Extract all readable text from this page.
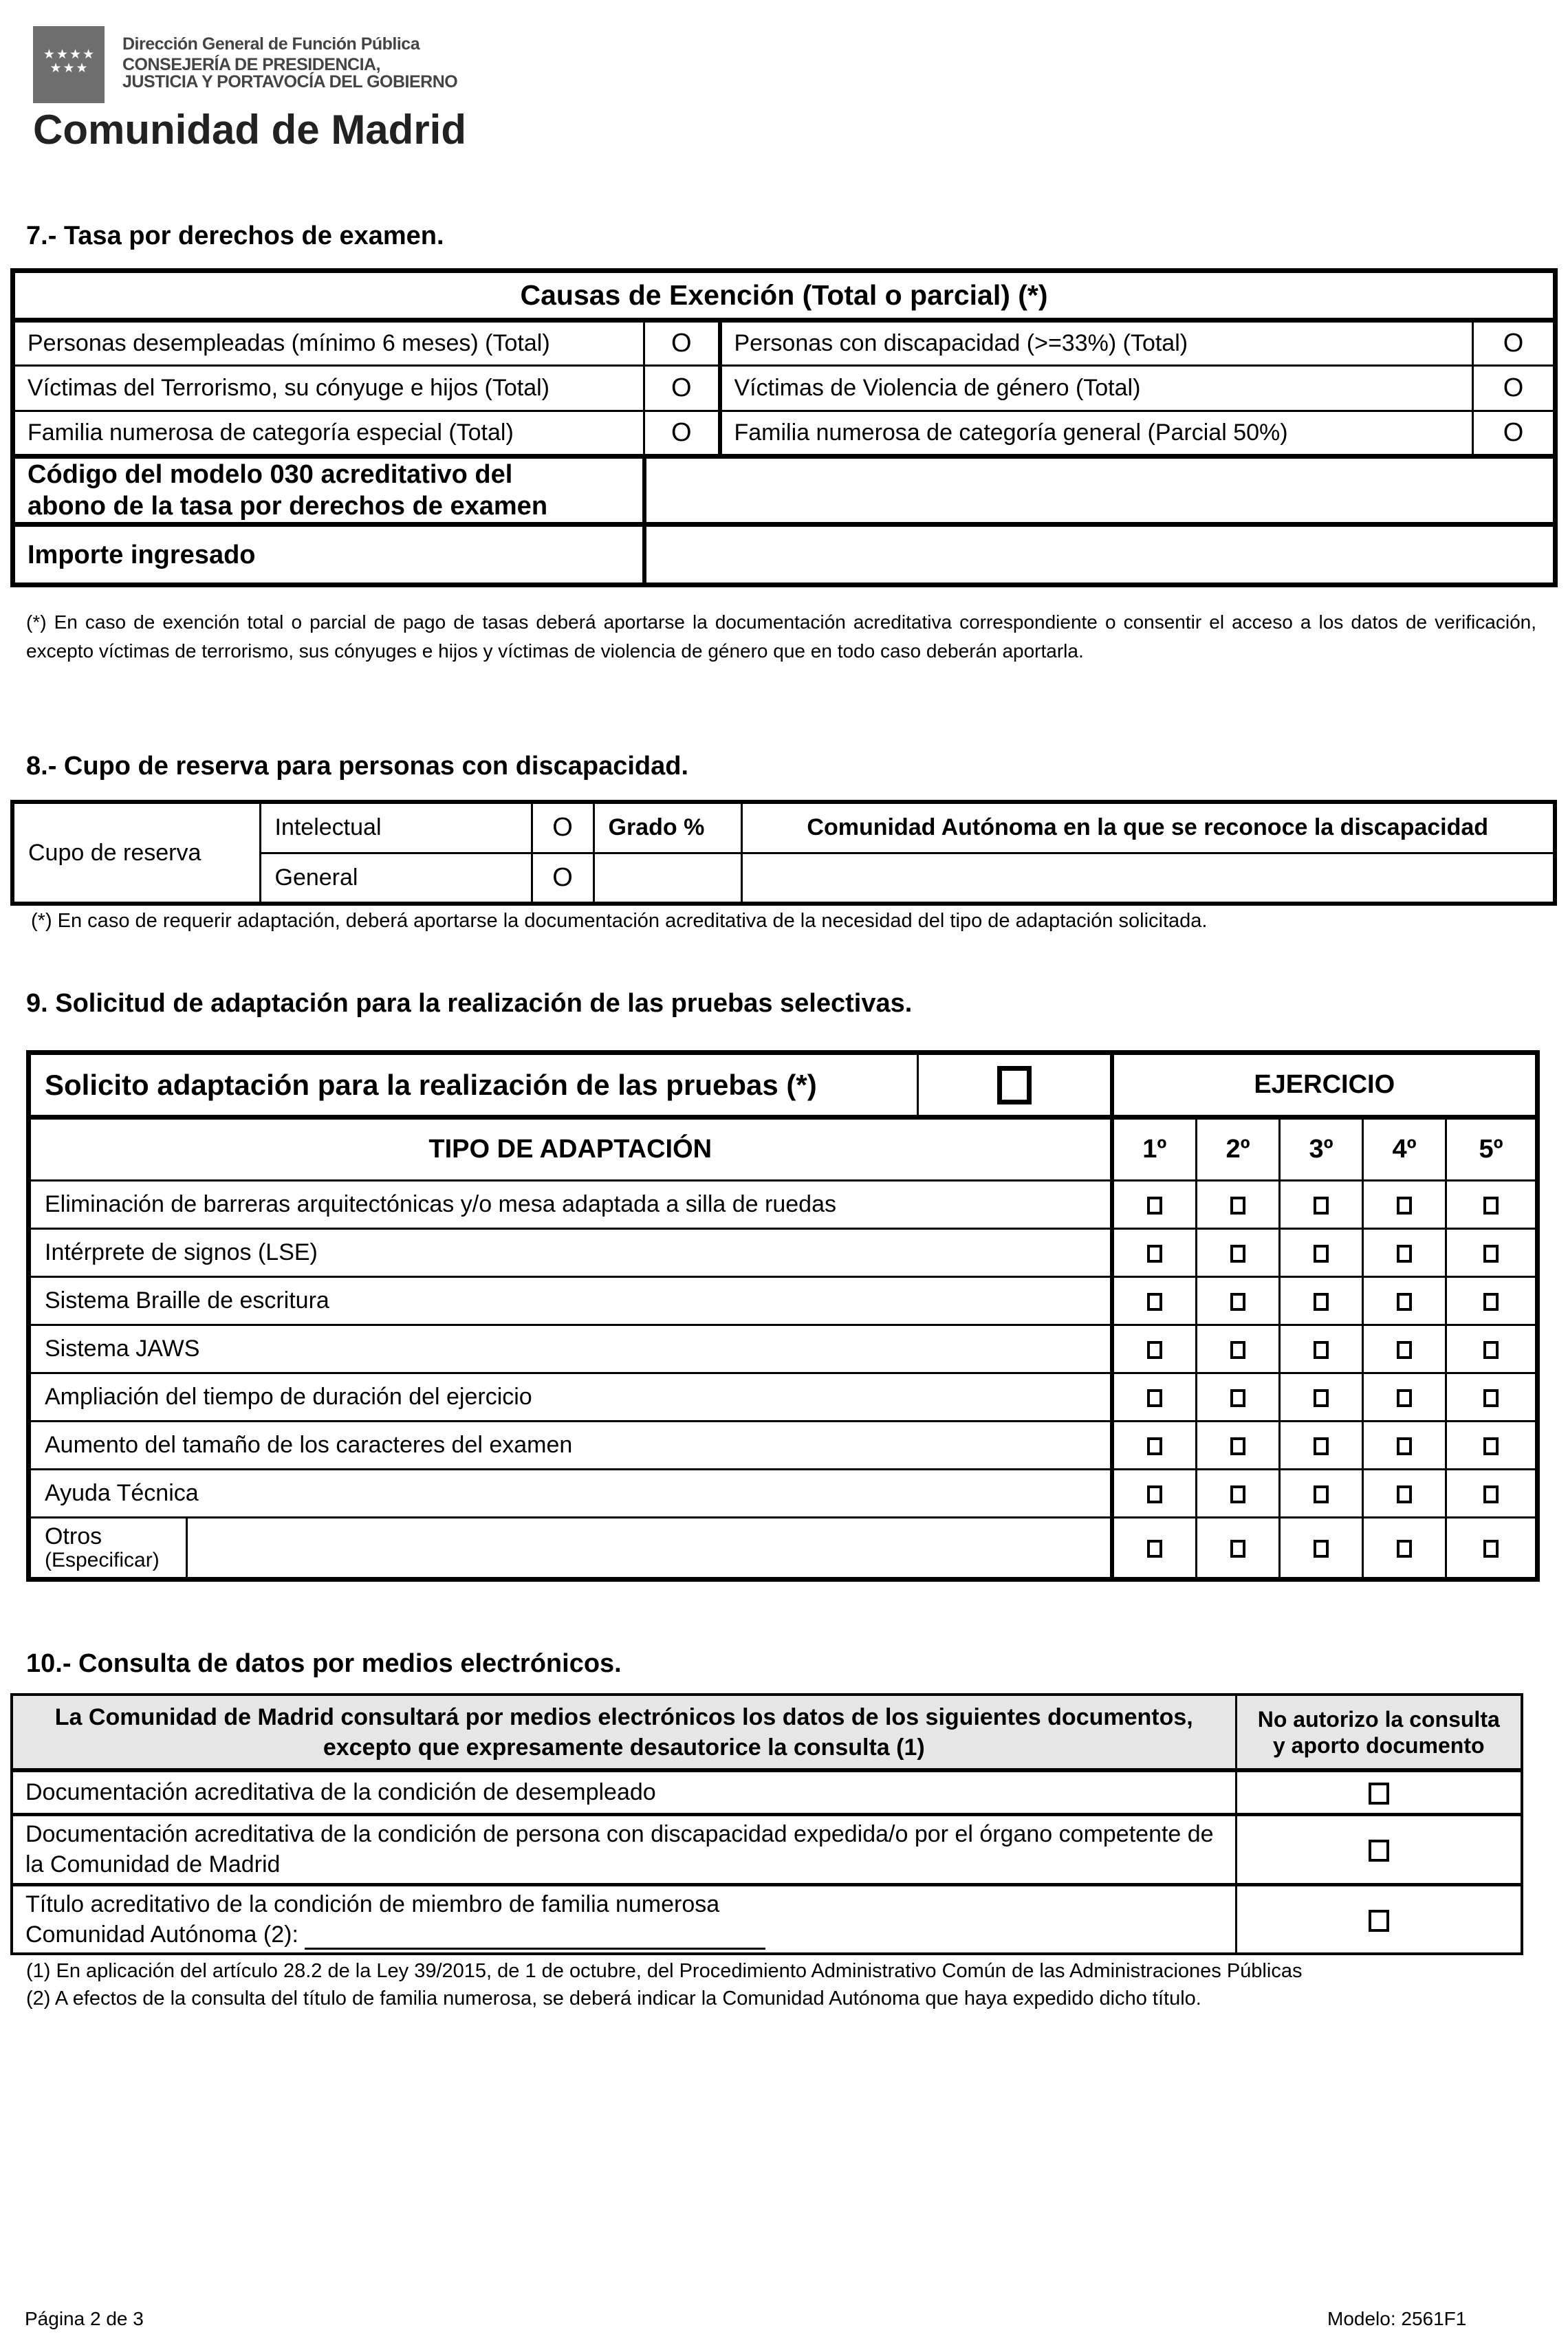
★★★★ ★★★
Dirección General de Función Pública
CONSEJERÍA DE PRESIDENCIA,
JUSTICIA Y PORTAVOCÍA DEL GOBIERNO
Comunidad de Madrid
7.- Tasa por derechos de examen.
Causas de Exención (Total o parcial) (*)			
Personas desempleadas (mínimo 6 meses) (Total)	O	Personas con discapacidad (>=33%) (Total)	O
Víctimas del Terrorismo, su cónyuge e hijos (Total)	O	Víctimas de Violencia de género (Total)	O
Familia numerosa de categoría especial (Total)	O	Familia numerosa de categoría general (Parcial 50%)	O

Código del modelo 030 acreditativo del
abono de la tasa por derechos de examen			

Importe ingresado			
(*) En caso de exención total o parcial de pago de tasas deberá aportarse la documentación acreditativa correspondiente o consentir el acceso a los datos de verificación, excepto víctimas de terrorismo, sus cónyuges e hijos y víctimas de violencia de género que en todo caso deberán aportarla.
8.- Cupo de reserva para personas con discapacidad.
Cupo de reserva	Intelectual	O	Grado %	Comunidad Autónoma en la que se reconoce la discapacidad
	General	O		
(*) En caso de requerir adaptación, deberá aportarse la documentación acreditativa de la necesidad del tipo de adaptación solicitada.
9. Solicitud de adaptación para la realización de las pruebas selectivas.
Solicito adaptación para la realización de las pruebas (*)			EJERCICIO				
TIPO DE ADAPTACIÓN			1º	2º	3º	4º	5º
Eliminación de barreras arquitectónicas y/o mesa adaptada a silla de ruedas							
Intérprete de signos (LSE)							
Sistema Braille de escritura							
Sistema JAWS							
Ampliación del tiempo de duración del ejercicio							
Aumento del tamaño de los caracteres del examen							
Ayuda Técnica							

Otros
(Especificar)							

10.- Consulta de datos por medios electrónicos.
La Comunidad de Madrid consultará por medios electrónicos los datos de los siguientes documentos, excepto que expresamente desautorice la consulta (1)	No autorizo la consulta y aporto documento
Documentación acreditativa de la condición de desempleado	
Documentación acreditativa de la condición de persona con discapacidad expedida/o por el órgano competente de la Comunidad de Madrid	

Título acreditativo de la condición de miembro de familia numerosa
Comunidad Autónoma (2):	

(1) En aplicación del artículo 28.2 de la Ley 39/2015, de 1 de octubre, del Procedimiento Administrativo Común de las Administraciones Públicas
(2) A efectos de la consulta del título de familia numerosa, se deberá indicar la Comunidad Autónoma que haya expedido dicho título.
Página 2 de 3	Modelo: 2561F1
